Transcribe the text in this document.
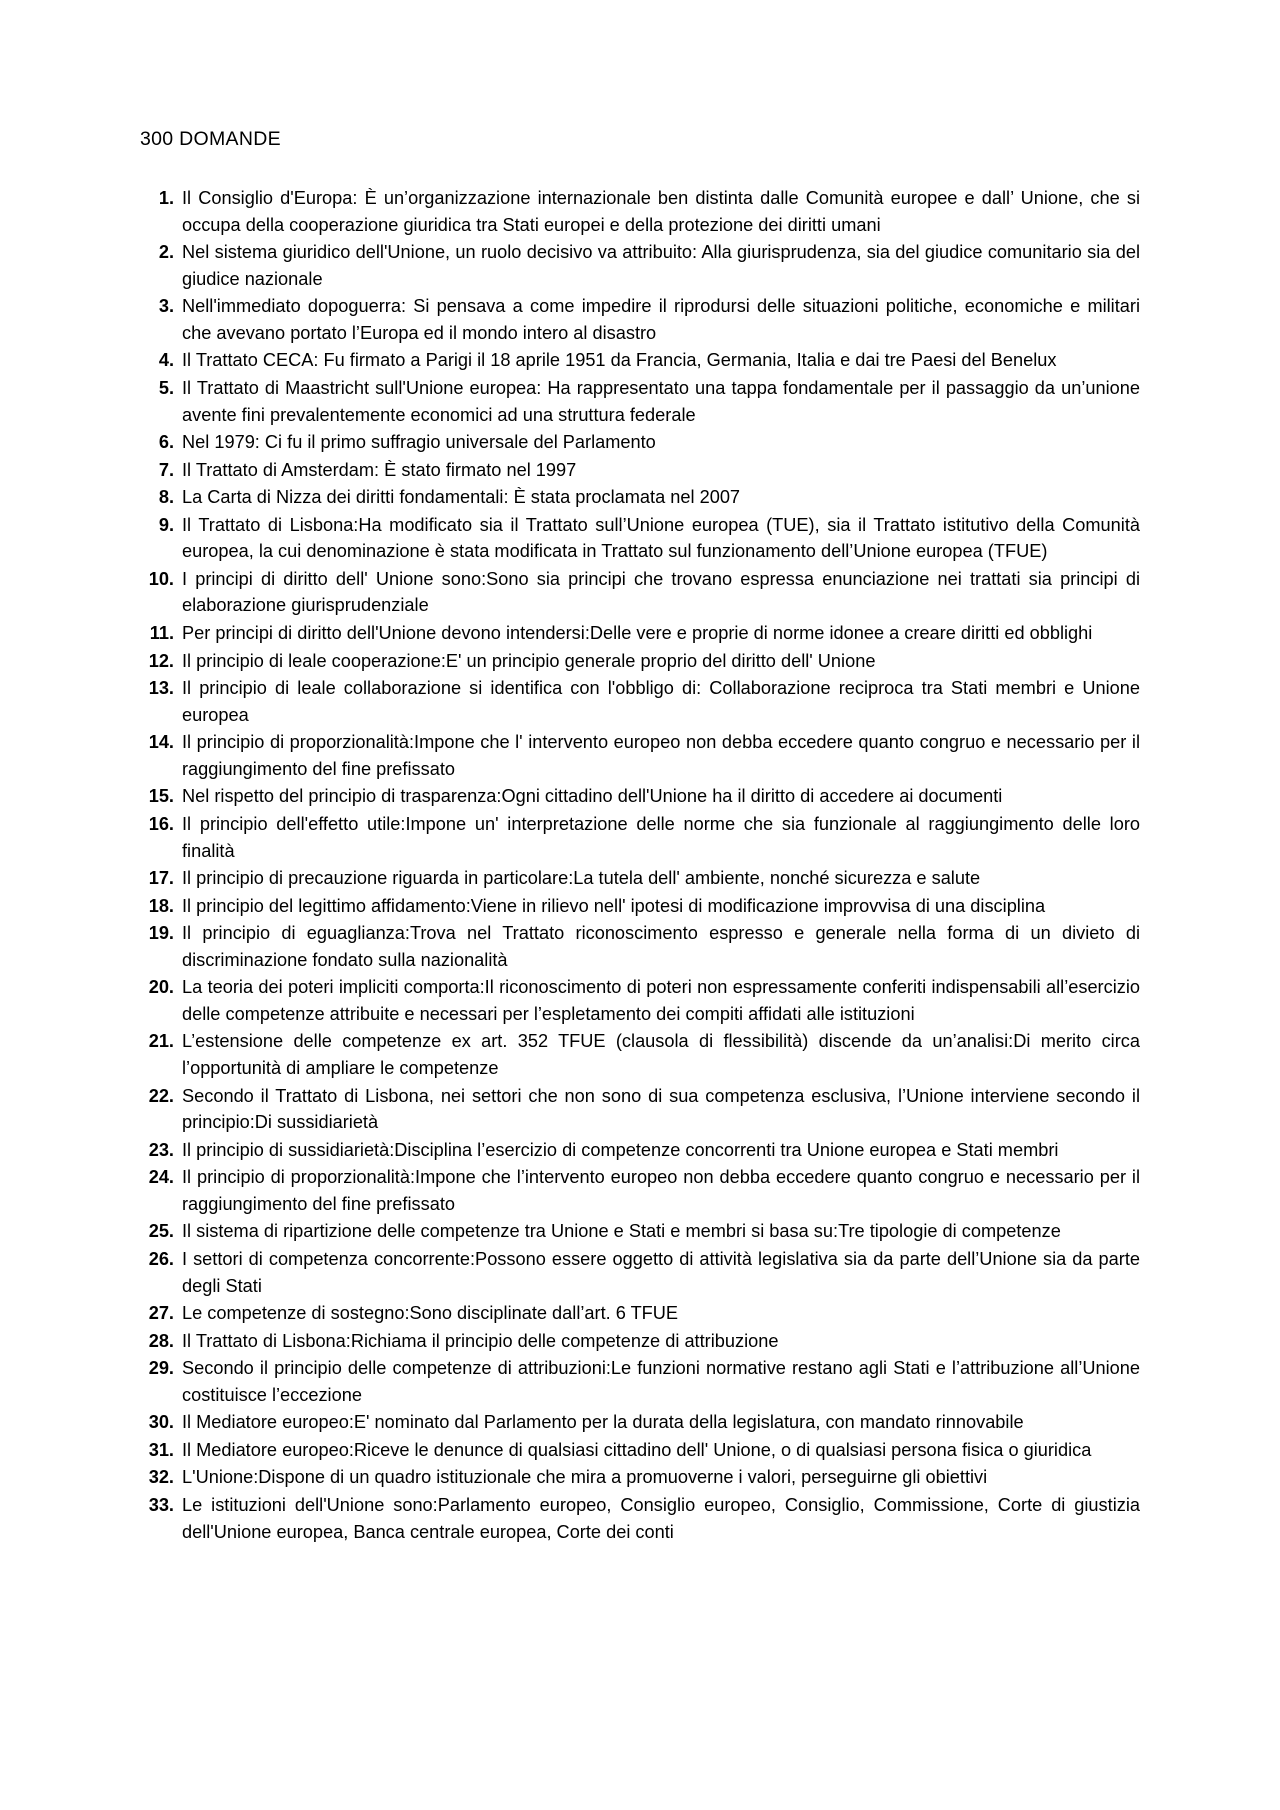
300 DOMANDE
1. Il Consiglio d'Europa: È un’organizzazione internazionale ben distinta dalle Comunità europee e dall’ Unione, che si occupa della cooperazione giuridica tra Stati europei e della protezione dei diritti umani
2. Nel sistema giuridico dell'Unione, un ruolo decisivo va attribuito: Alla giurisprudenza, sia del giudice comunitario sia del giudice nazionale
3. Nell'immediato dopoguerra: Si pensava a come impedire il riprodursi delle situazioni politiche, economiche e militari che avevano portato l’Europa ed il mondo intero al disastro
4. Il Trattato CECA: Fu firmato a Parigi il 18 aprile 1951 da Francia, Germania, Italia e dai tre Paesi del Benelux
5. Il Trattato di Maastricht sull'Unione europea: Ha rappresentato una tappa fondamentale per il passaggio da un’unione avente fini prevalentemente economici ad una struttura federale
6. Nel 1979: Ci fu il primo suffragio universale del Parlamento
7. Il Trattato di Amsterdam: È stato firmato nel 1997
8. La Carta di Nizza dei diritti fondamentali: È stata proclamata nel 2007
9. Il Trattato di Lisbona:Ha modificato sia il Trattato sull’Unione europea (TUE), sia il Trattato istitutivo della Comunità europea, la cui denominazione è stata modificata in Trattato sul funzionamento dell’Unione europea (TFUE)
10. I principi di diritto dell' Unione sono:Sono sia principi che trovano espressa enunciazione nei trattati sia principi di elaborazione giurisprudenziale
11. Per principi di diritto dell'Unione devono intendersi:Delle vere e proprie di norme idonee a creare diritti ed obblighi
12. Il principio di leale cooperazione:E' un principio generale proprio del diritto dell' Unione
13. Il principio di leale collaborazione si identifica con l'obbligo di: Collaborazione reciproca tra Stati membri e Unione europea
14. Il principio di proporzionalità:Impone che l' intervento europeo non debba eccedere quanto congruo e necessario per il raggiungimento del fine prefissato
15. Nel rispetto del principio di trasparenza:Ogni cittadino dell'Unione ha il diritto di accedere ai documenti
16. Il principio dell'effetto utile:Impone un' interpretazione delle norme che sia funzionale al raggiungimento delle loro finalità
17. Il principio di precauzione riguarda in particolare:La tutela dell' ambiente, nonché sicurezza e salute
18. Il principio del legittimo affidamento:Viene in rilievo nell' ipotesi di modificazione improvvisa di una disciplina
19. Il principio di eguaglianza:Trova nel Trattato riconoscimento espresso e generale nella forma di un divieto di discriminazione fondato sulla nazionalità
20. La teoria dei poteri impliciti comporta:Il riconoscimento di poteri non espressamente conferiti indispensabili all’esercizio delle competenze attribuite e necessari per l’espletamento dei compiti affidati alle istituzioni
21. L’estensione delle competenze ex art. 352 TFUE (clausola di flessibilità) discende da un’analisi:Di merito circa l’opportunità di ampliare le competenze
22. Secondo il Trattato di Lisbona, nei settori che non sono di sua competenza esclusiva, l’Unione interviene secondo il principio:Di sussidiarietà
23. Il principio di sussidiarietà:Disciplina l’esercizio di competenze concorrenti tra Unione europea e Stati membri
24. Il principio di proporzionalità:Impone che l’intervento europeo non debba eccedere quanto congruo e necessario per il raggiungimento del fine prefissato
25. Il sistema di ripartizione delle competenze tra Unione e Stati e membri si basa su:Tre tipologie di competenze
26. I settori di competenza concorrente:Possono essere oggetto di attività legislativa sia da parte dell’Unione sia da parte degli Stati
27. Le competenze di sostegno:Sono disciplinate dall’art. 6 TFUE
28. Il Trattato di Lisbona:Richiama il principio delle competenze di attribuzione
29. Secondo il principio delle competenze di attribuzioni:Le funzioni normative restano agli Stati e l’attribuzione all’Unione costituisce l’eccezione
30. Il Mediatore europeo:E' nominato dal Parlamento per la durata della legislatura, con mandato rinnovabile
31. Il Mediatore europeo:Riceve le denunce di qualsiasi cittadino dell' Unione, o di qualsiasi persona fisica o giuridica
32. L'Unione:Dispone di un quadro istituzionale che mira a promuoverne i valori, perseguirne gli obiettivi
33. Le istituzioni dell'Unione sono:Parlamento europeo, Consiglio europeo, Consiglio, Commissione, Corte di giustizia dell'Unione europea, Banca centrale europea, Corte dei conti
